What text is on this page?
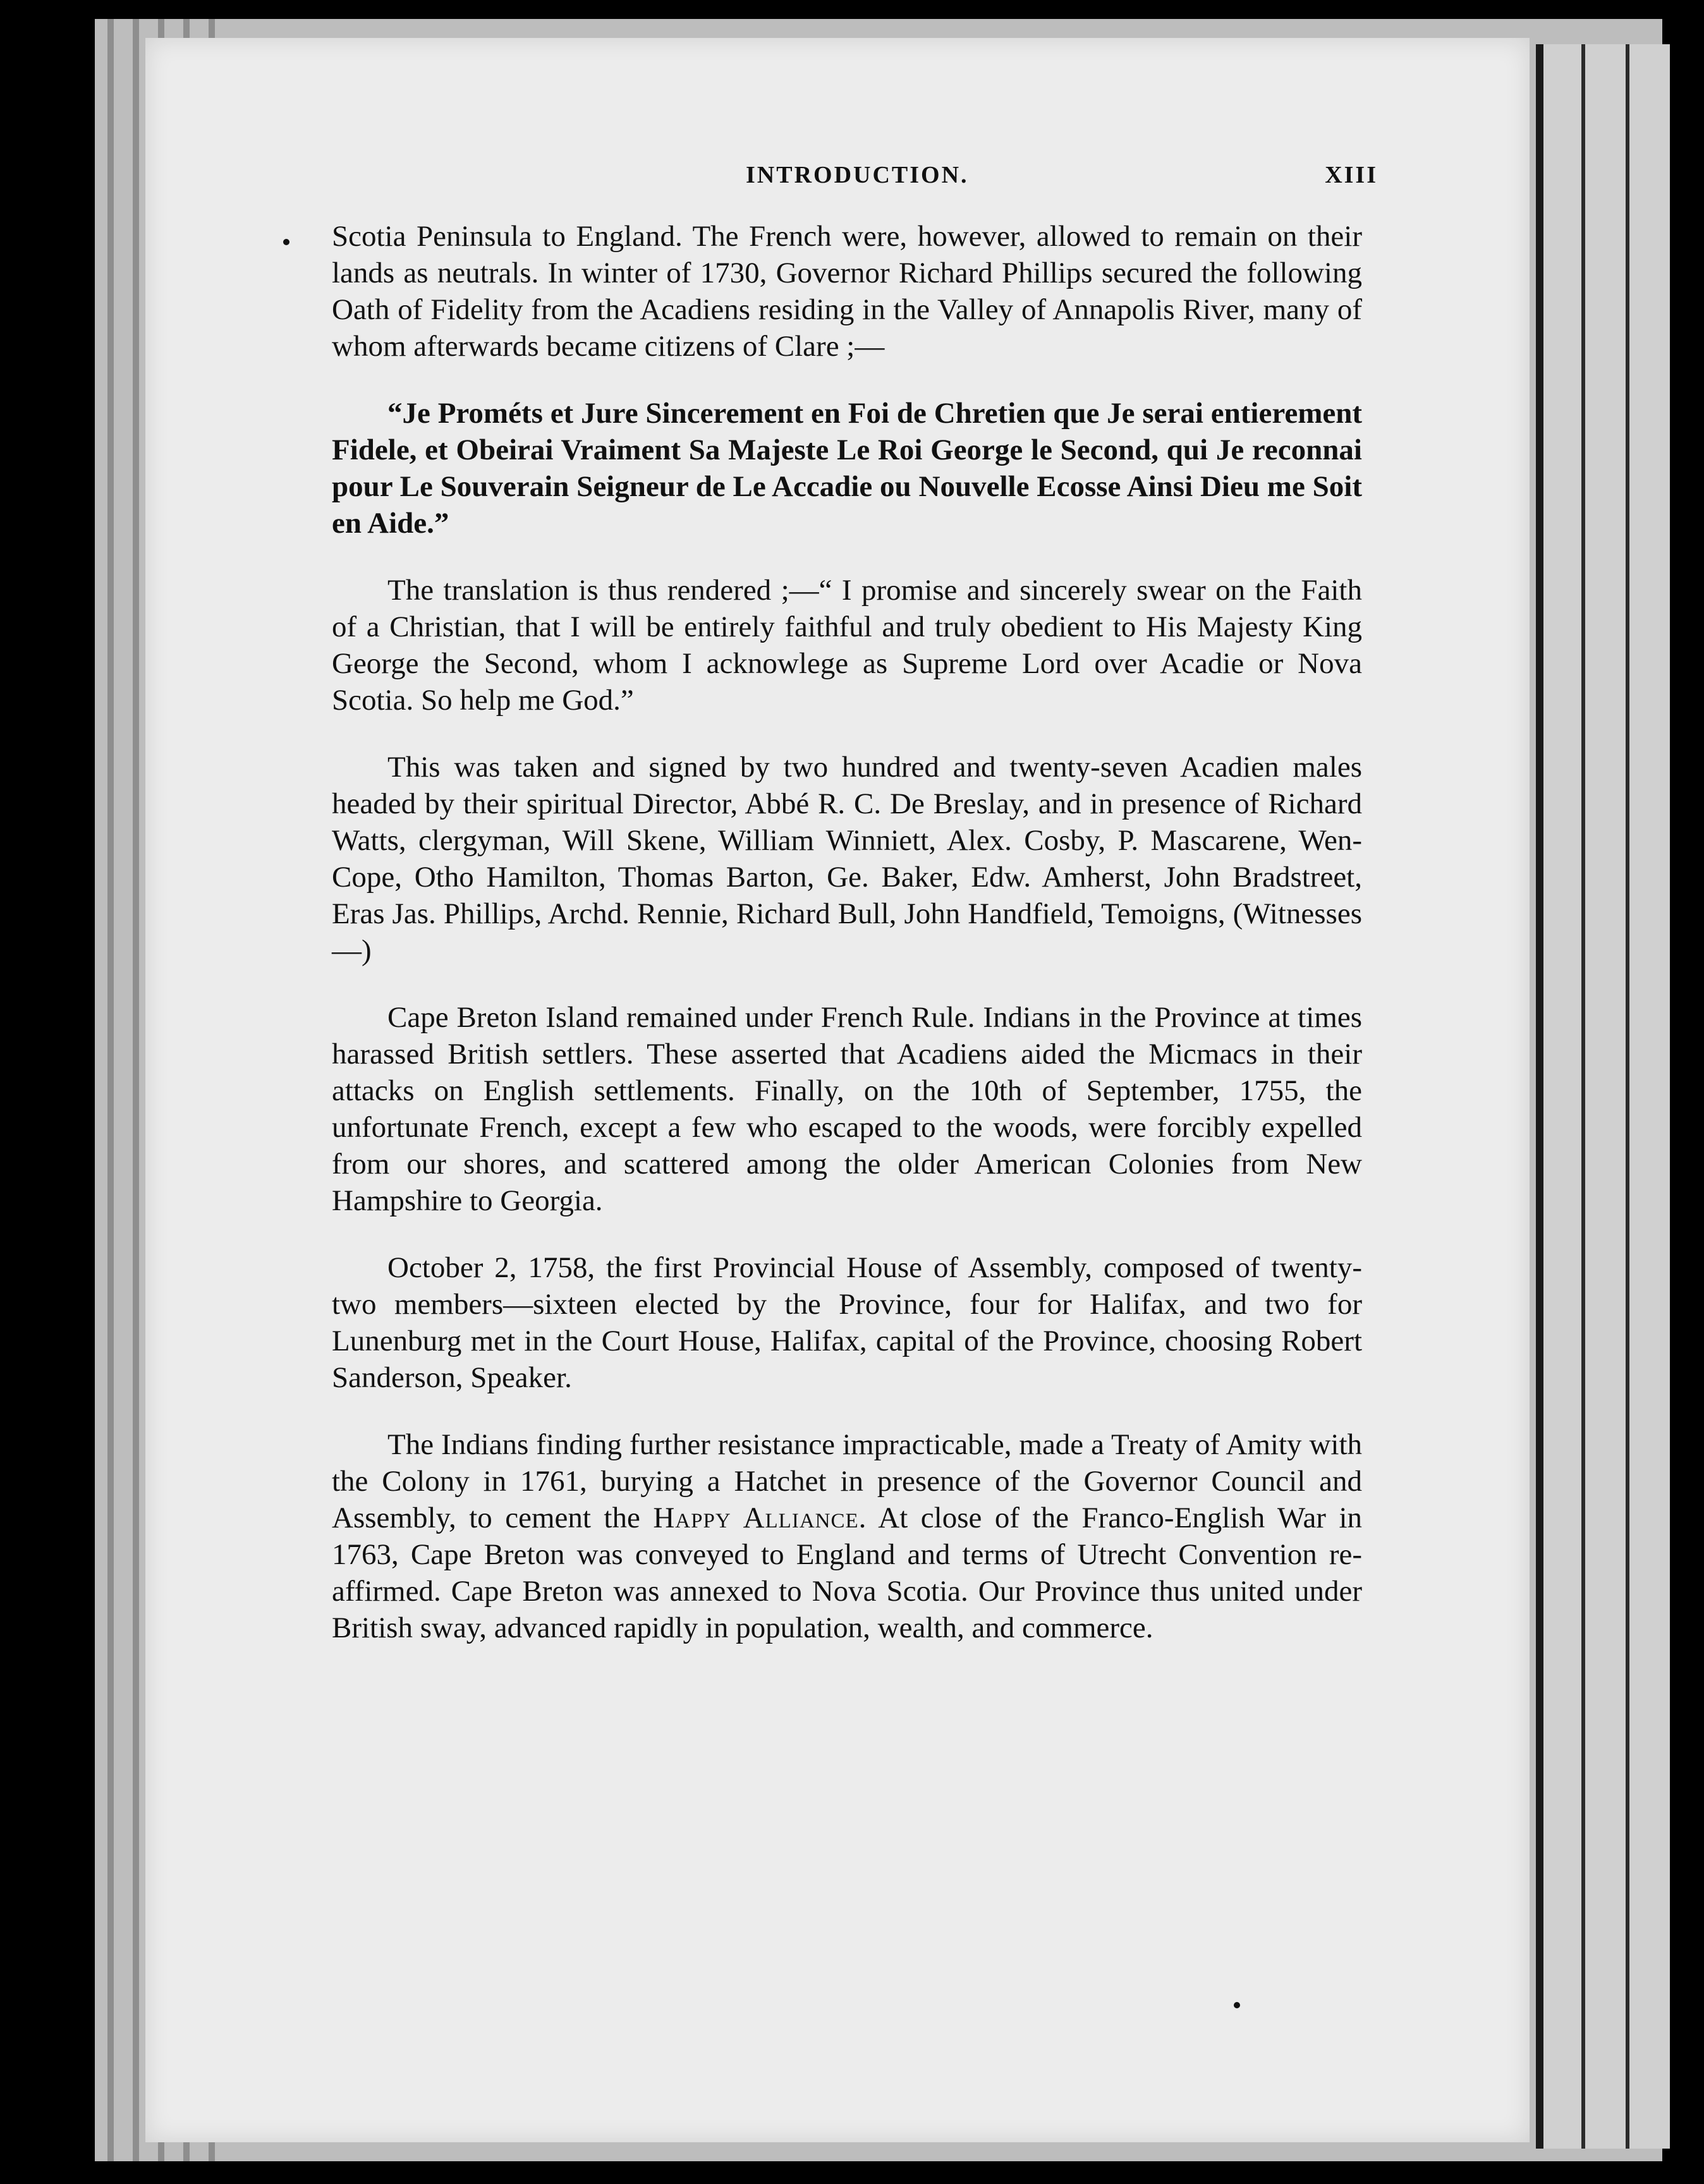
INTRODUCTION.	XIII

Scotia Peninsula to England. The French were, however, allowed to remain on their lands as neutrals. In winter of 1730, Governor Richard Phillips secured the following Oath of Fidelity from the Acadiens residing in the Valley of Annapolis River, many of whom afterwards became citizens of Clare ;—

“Je Prométs et Jure Sincerement en Foi de Chretien que Je serai entierement Fidele, et Obeirai Vraiment Sa Majeste Le Roi George le Second, qui Je reconnai pour Le Souverain Seigneur de Le Accadie ou Nouvelle Ecosse Ainsi Dieu me Soit en Aide.”

The translation is thus rendered ;—“ I promise and sincerely swear on the Faith of a Christian, that I will be entirely faithful and truly obedient to His Majesty King George the Second, whom I acknowlege as Supreme Lord over Acadie or Nova Scotia. So help me God.”

This was taken and signed by two hundred and twenty-seven Acadien males headed by their spiritual Director, Abbé R. C. De Breslay, and in presence of Richard Watts, clergyman, Will Skene, William Winniett, Alex. Cosby, P. Mascarene, Wen-Cope, Otho Hamilton, Thomas Barton, Ge. Baker, Edw. Amherst, John Bradstreet, Eras Jas. Phillips, Archd. Rennie, Richard Bull, John Handfield, Temoigns, (Witnesses —)

Cape Breton Island remained under French Rule. Indians in the Province at times harassed British settlers. These asserted that Acadiens aided the Micmacs in their attacks on English settlements. Finally, on the 10th of September, 1755, the unfortunate French, except a few who escaped to the woods, were forcibly expelled from our shores, and scattered among the older American Colonies from New Hampshire to Georgia.

October 2, 1758, the first Provincial House of Assembly, composed of twenty-two members—sixteen elected by the Province, four for Halifax, and two for Lunenburg met in the Court House, Halifax, capital of the Province, choosing Robert Sanderson, Speaker.

The Indians finding further resistance impracticable, made a Treaty of Amity with the Colony in 1761, burying a Hatchet in presence of the Governor Council and Assembly, to cement the Happy Alliance. At close of the Franco-English War in 1763, Cape Breton was conveyed to England and terms of Utrecht Convention re-affirmed. Cape Breton was annexed to Nova Scotia. Our Province thus united under British sway, advanced rapidly in population, wealth, and commerce.
